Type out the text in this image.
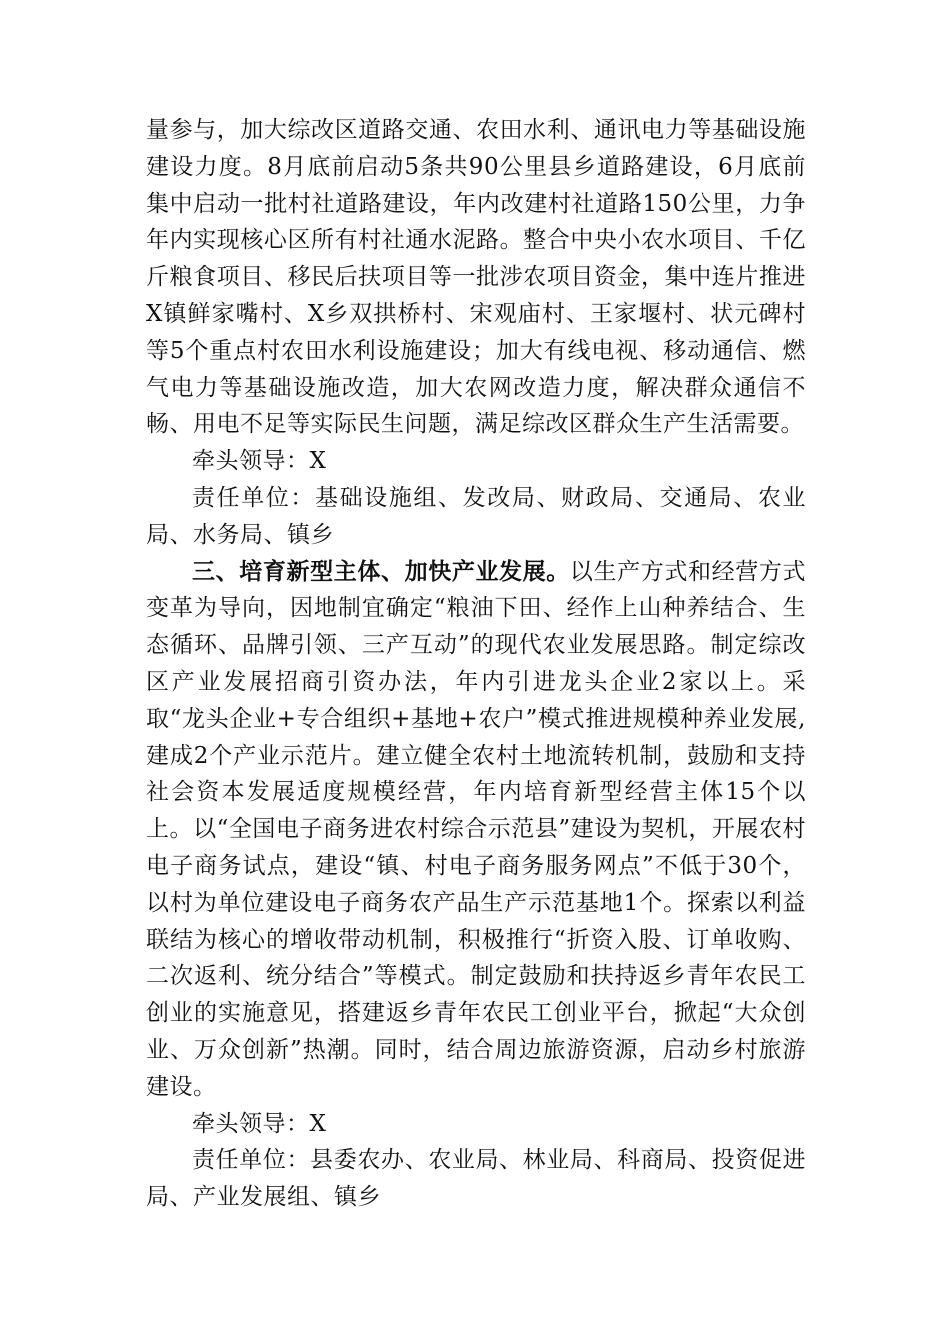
量参与，加大综改区道路交通、农田水利、通讯电力等基础设施建设力度。8月底前启动5条共90公里县乡道路建设，6月底前集中启动一批村社道路建设，年内改建村社道路150公里，力争年内实现核心区所有村社通水泥路。整合中央小农水项目、千亿斤粮食项目、移民后扶项目等一批涉农项目资金，集中连片推进X镇鲜家嘴村、X乡双拱桥村、宋观庙村、王家堰村、状元碑村等5个重点村农田水利设施建设；加大有线电视、移动通信、燃气电力等基础设施改造，加大农网改造力度，解决群众通信不畅、用电不足等实际民生问题，满足综改区群众生产生活需要。

牵头领导：X

责任单位：基础设施组、发改局、财政局、交通局、农业局、水务局、镇乡

三、培育新型主体、加快产业发展。以生产方式和经营方式变革为导向，因地制宜确定“粮油下田、经作上山种养结合、生态循环、品牌引领、三产互动”的现代农业发展思路。制定综改区产业发展招商引资办法，年内引进龙头企业2家以上。采取“龙头企业+专合组织+基地+农户”模式推进规模种养业发展,建成2个产业示范片。建立健全农村土地流转机制，鼓励和支持社会资本发展适度规模经营，年内培育新型经营主体15个以上。以“全国电子商务进农村综合示范县”建设为契机，开展农村电子商务试点，建设“镇、村电子商务服务网点”不低于30个，以村为单位建设电子商务农产品生产示范基地1个。探索以利益联结为核心的增收带动机制，积极推行“折资入股、订单收购、二次返利、统分结合”等模式。制定鼓励和扶持返乡青年农民工创业的实施意见，搭建返乡青年农民工创业平台，掀起“大众创业、万众创新”热潮。同时，结合周边旅游资源，启动乡村旅游建设。

牵头领导：X

责任单位：县委农办、农业局、林业局、科商局、投资促进局、产业发展组、镇乡
